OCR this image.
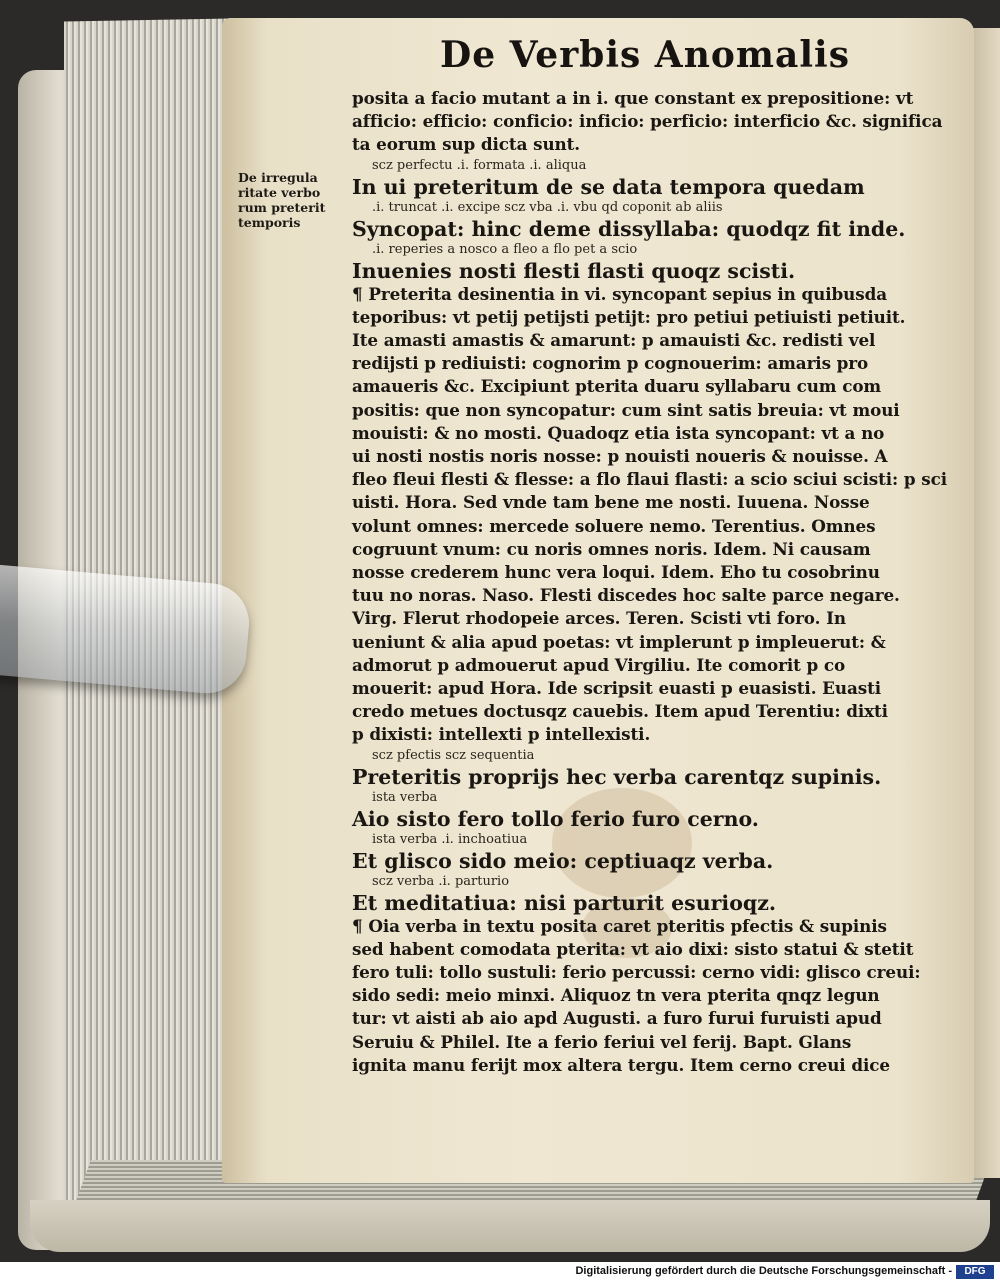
De Verbis Anomalis
De irregula
ritate verbo
rum preterit
temporis
posita a facio mutant a in i. que constant ex prepositione: vt
afficio: efficio: conficio: inficio: perficio: interficio &c. significa
ta eorum sup dicta sunt.
scz perfectu .i. formata .i. aliqua
In ui preteritum de se data tempora quedam
.i. truncat .i. excipe scz vba .i. vbu qd coponit ab aliis
Syncopat: hinc deme dissyllaba: quodqz fit inde.
.i. reperies a nosco a fleo a flo pet a scio
Inuenies nosti flesti flasti quoqz scisti.
¶ Preterita desinentia in vi. syncopant sepius in quibusda
teporibus: vt petij petijsti petijt: pro petiui petiuisti petiuit.
Ite amasti amastis & amarunt: p amauisti &c. redisti vel
redijsti p rediuisti: cognorim p cognouerim: amaris pro
amaueris &c. Excipiunt pterita duaru syllabaru cum com
positis: que non syncopatur: cum sint satis breuia: vt moui
mouisti: & no mosti. Quadoqz etia ista syncopant: vt a no
ui nosti nostis noris nosse: p nouisti noueris & nouisse. A
fleo fleui flesti & flesse: a flo flaui flasti: a scio sciui scisti: p sci
uisti. Hora. Sed vnde tam bene me nosti. Iuuena. Nosse
volunt omnes: mercede soluere nemo. Terentius. Omnes
cogruunt vnum: cu noris omnes noris. Idem. Ni causam
nosse crederem hunc vera loqui. Idem. Eho tu cosobrinu
tuu no noras. Naso. Flesti discedes hoc salte parce negare.
Virg. Flerut rhodopeie arces. Teren. Scisti vti foro. In
ueniunt & alia apud poetas: vt implerunt p impleuerut: &
admorut p admouerut apud Virgiliu. Ite comorit p co
mouerit: apud Hora. Ide scripsit euasti p euasisti. Euasti
credo metues doctusqz cauebis. Item apud Terentiu: dixti
p dixisti: intellexti p intellexisti.
scz pfectis scz sequentia
Preteritis proprijs hec verba carentqz supinis.
ista verba
Aio sisto fero tollo ferio furo cerno.
ista verba .i. inchoatiua
Et glisco sido meio: ceptiuaqz verba.
scz verba .i. parturio
Et meditatiua: nisi parturit esurioqz.
¶ Oia verba in textu posita caret pteritis pfectis & supinis
sed habent comodata pterita: vt aio dixi: sisto statui & stetit
fero tuli: tollo sustuli: ferio percussi: cerno vidi: glisco creui:
sido sedi: meio minxi. Aliquoz tn vera pterita qnqz legun
tur: vt aisti ab aio apd Augusti. a furo furui furuisti apud
Seruiu & Philel. Ite a ferio feriui vel ferij. Bapt. Glans
ignita manu ferijt mox altera tergu. Item cerno creui dice
Digitalisierung gefördert durch die Deutsche Forschungsgemeinschaft -	DFG
